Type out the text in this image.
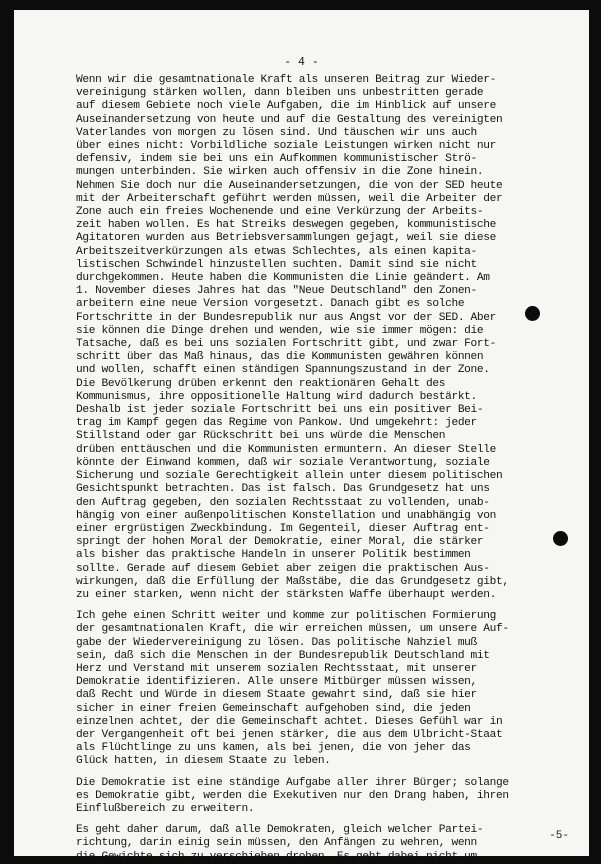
- 4 -
Wenn wir die gesamtnationale Kraft als unseren Beitrag zur Wieder-
vereinigung stärken wollen, dann bleiben uns unbestritten gerade
auf diesem Gebiete noch viele Aufgaben, die im Hinblick auf unsere
Auseinandersetzung von heute und auf die Gestaltung des vereinigten
Vaterlandes von morgen zu lösen sind. Und täuschen wir uns auch
über eines nicht: Vorbildliche soziale Leistungen wirken nicht nur
defensiv, indem sie bei uns ein Aufkommen kommunistischer Strö-
mungen unterbinden. Sie wirken auch offensiv in die Zone hinein.
Nehmen Sie doch nur die Auseinandersetzungen, die von der SED heute
mit der Arbeiterschaft geführt werden müssen, weil die Arbeiter der
Zone auch ein freies Wochenende und eine Verkürzung der Arbeits-
zeit haben wollen. Es hat Streiks deswegen gegeben, kommunistische
Agitatoren wurden aus Betriebsversammlungen gejagt, weil sie diese
Arbeitszeitverkürzungen als etwas Schlechtes, als einen kapita-
listischen Schwindel hinzustellen suchten. Damit sind sie nicht
durchgekommen. Heute haben die Kommunisten die Linie geändert. Am
1. November dieses Jahres hat das "Neue Deutschland" den Zonen-
arbeitern eine neue Version vorgesetzt. Danach gibt es solche
Fortschritte in der Bundesrepublik nur aus Angst vor der SED. Aber
sie können die Dinge drehen und wenden, wie sie immer mögen: die
Tatsache, daß es bei uns sozialen Fortschritt gibt, und zwar Fort-
schritt über das Maß hinaus, das die Kommunisten gewähren können
und wollen, schafft einen ständigen Spannungszustand in der Zone.
Die Bevölkerung drüben erkennt den reaktionären Gehalt des
Kommunismus, ihre oppositionelle Haltung wird dadurch bestärkt.
Deshalb ist jeder soziale Fortschritt bei uns ein positiver Bei-
trag im Kampf gegen das Regime von Pankow. Und umgekehrt: jeder
Stillstand oder gar Rückschritt bei uns würde die Menschen
drüben enttäuschen und die Kommunisten ermuntern. An dieser Stelle
könnte der Einwand kommen, daß wir soziale Verantwortung, soziale
Sicherung und soziale Gerechtigkeit allein unter diesem politischen
Gesichtspunkt betrachten. Das ist falsch. Das Grundgesetz hat uns
den Auftrag gegeben, den sozialen Rechtsstaat zu vollenden, unab-
hängig von einer außenpolitischen Konstellation und unabhängig von
einer ergrüstigen Zweckbindung. Im Gegenteil, dieser Auftrag ent-
springt der hohen Moral der Demokratie, einer Moral, die stärker
als bisher das praktische Handeln in unserer Politik bestimmen
sollte. Gerade auf diesem Gebiet aber zeigen die praktischen Aus-
wirkungen, daß die Erfüllung der Maßstäbe, die das Grundgesetz gibt,
zu einer starken, wenn nicht der stärksten Waffe überhaupt werden.
Ich gehe einen Schritt weiter und komme zur politischen Formierung
der gesamtnationalen Kraft, die wir erreichen müssen, um unsere Auf-
gabe der Wiedervereinigung zu lösen. Das politische Nahziel muß
sein, daß sich die Menschen in der Bundesrepublik Deutschland mit
Herz und Verstand mit unserem sozialen Rechtsstaat, mit unserer
Demokratie identifizieren. Alle unsere Mitbürger müssen wissen,
daß Recht und Würde in diesem Staate gewahrt sind, daß sie hier
sicher in einer freien Gemeinschaft aufgehoben sind, die jeden
einzelnen achtet, der die Gemeinschaft achtet. Dieses Gefühl war in
der Vergangenheit oft bei jenen stärker, die aus dem Ulbricht-Staat
als Flüchtlinge zu uns kamen, als bei jenen, die von jeher das
Glück hatten, in diesem Staate zu leben.
Die Demokratie ist eine ständige Aufgabe aller ihrer Bürger; solange
es Demokratie gibt, werden die Exekutiven nur den Drang haben, ihren
Einflußbereich zu erweitern.
Es geht daher darum, daß alle Demokraten, gleich welcher Partei-
richtung, darin einig sein müssen, den Anfängen zu wehren, wenn
die Gewichte sich zu verschieben drohen. Es geht dabei nicht um
-5-
